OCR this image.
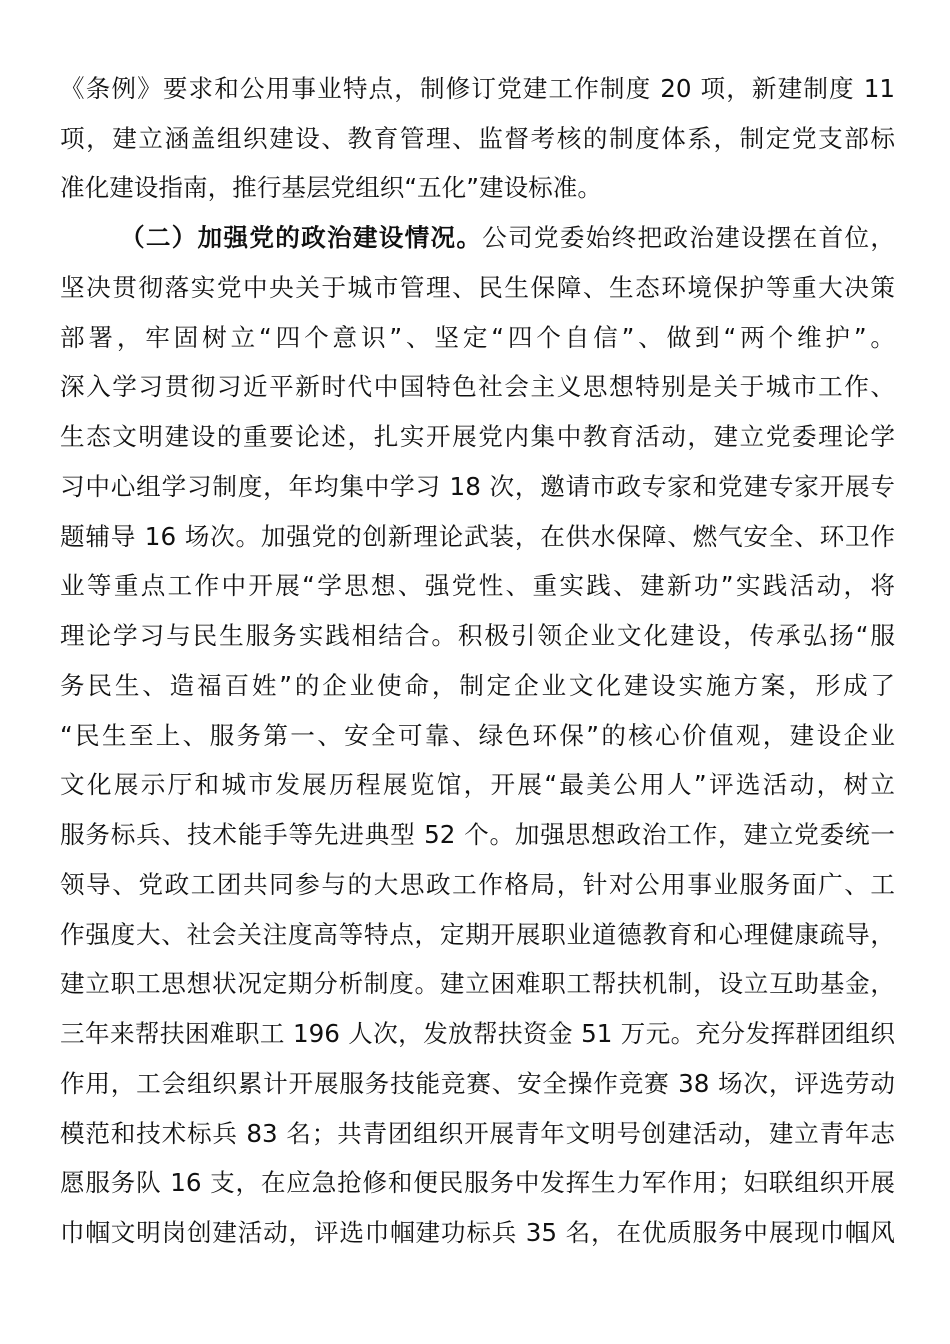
《条例》要求和公用事业特点，制修订党建工作制度 20 项，新建制度 11
项，建立涵盖组织建设、教育管理、监督考核的制度体系，制定党支部标
准化建设指南，推行基层党组织“五化”建设标准。
（二）加强党的政治建设情况。公司党委始终把政治建设摆在首位，
坚决贯彻落实党中央关于城市管理、民生保障、生态环境保护等重大决策
部署，牢固树立“四个意识”、坚定“四个自信”、做到“两个维护”。
深入学习贯彻习近平新时代中国特色社会主义思想特别是关于城市工作、
生态文明建设的重要论述，扎实开展党内集中教育活动，建立党委理论学
习中心组学习制度，年均集中学习 18 次，邀请市政专家和党建专家开展专
题辅导 16 场次。加强党的创新理论武装，在供水保障、燃气安全、环卫作
业等重点工作中开展“学思想、强党性、重实践、建新功”实践活动，将
理论学习与民生服务实践相结合。积极引领企业文化建设，传承弘扬“服
务民生、造福百姓”的企业使命，制定企业文化建设实施方案，形成了
“民生至上、服务第一、安全可靠、绿色环保”的核心价值观，建设企业
文化展示厅和城市发展历程展览馆，开展“最美公用人”评选活动，树立
服务标兵、技术能手等先进典型 52 个。加强思想政治工作，建立党委统一
领导、党政工团共同参与的大思政工作格局，针对公用事业服务面广、工
作强度大、社会关注度高等特点，定期开展职业道德教育和心理健康疏导，
建立职工思想状况定期分析制度。建立困难职工帮扶机制，设立互助基金，
三年来帮扶困难职工 196 人次，发放帮扶资金 51 万元。充分发挥群团组织
作用，工会组织累计开展服务技能竞赛、安全操作竞赛 38 场次，评选劳动
模范和技术标兵 83 名；共青团组织开展青年文明号创建活动，建立青年志
愿服务队 16 支，在应急抢修和便民服务中发挥生力军作用；妇联组织开展
巾帼文明岗创建活动，评选巾帼建功标兵 35 名，在优质服务中展现巾帼风
